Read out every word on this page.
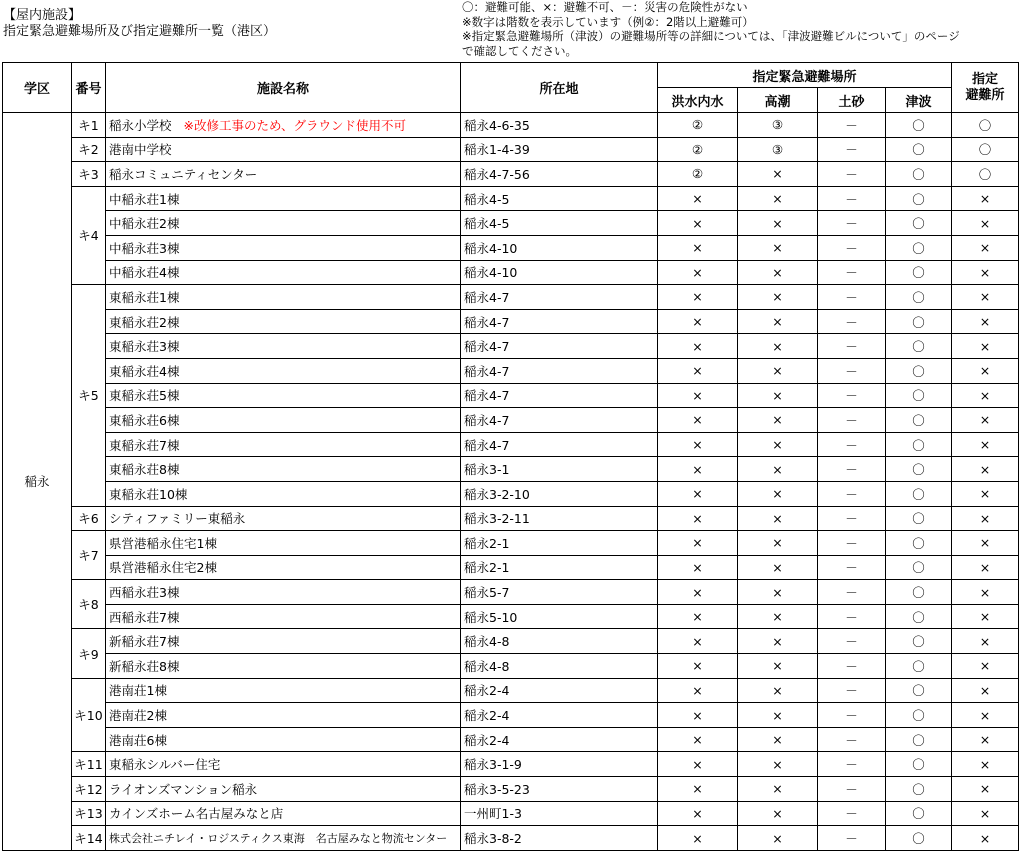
【屋内施設】
指定緊急避難場所及び指定避難所一覧（港区）
〇：避難可能、×：避難不可、－：災害の危険性がない
※数字は階数を表示しています（例②：2階以上避難可）
※指定緊急避難場所（津波）の避難場所等の詳細については、「津波避難ビルについて」のページ
で確認してください。
学区	番号	施設名称	所在地	指定緊急避難場所				指定
避難所
				洪水内水	高潮	土砂	津波	
稲永	キ1	稲永小学校 ※改修工事のため、グラウンド使用不可	稲永4-6-35	②	③	－	〇	〇
	キ2	港南中学校	稲永1-4-39	②	③	－	〇	〇
	キ3	稲永コミュニティセンター	稲永4-7-56	②	×	－	〇	〇
	キ4	中稲永荘1棟	稲永4-5	×	×	－	〇	×
		中稲永荘2棟	稲永4-5	×	×	－	〇	×
		中稲永荘3棟	稲永4-10	×	×	－	〇	×
		中稲永荘4棟	稲永4-10	×	×	－	〇	×
	キ5	東稲永荘1棟	稲永4-7	×	×	－	〇	×
		東稲永荘2棟	稲永4-7	×	×	－	〇	×
		東稲永荘3棟	稲永4-7	×	×	－	〇	×
		東稲永荘4棟	稲永4-7	×	×	－	〇	×
		東稲永荘5棟	稲永4-7	×	×	－	〇	×
		東稲永荘6棟	稲永4-7	×	×	－	〇	×
		東稲永荘7棟	稲永4-7	×	×	－	〇	×
		東稲永荘8棟	稲永3-1	×	×	－	〇	×
		東稲永荘10棟	稲永3-2-10	×	×	－	〇	×
	キ6	シティファミリー東稲永	稲永3-2-11	×	×	－	〇	×
	キ7	県営港稲永住宅1棟	稲永2-1	×	×	－	〇	×
		県営港稲永住宅2棟	稲永2-1	×	×	－	〇	×
	キ8	西稲永荘3棟	稲永5-7	×	×	－	〇	×
		西稲永荘7棟	稲永5-10	×	×	－	〇	×
	キ9	新稲永荘7棟	稲永4-8	×	×	－	〇	×
		新稲永荘8棟	稲永4-8	×	×	－	〇	×
	キ10	港南荘1棟	稲永2-4	×	×	－	〇	×
		港南荘2棟	稲永2-4	×	×	－	〇	×
		港南荘6棟	稲永2-4	×	×	－	〇	×
	キ11	東稲永シルバー住宅	稲永3-1-9	×	×	－	〇	×
	キ12	ライオンズマンション稲永	稲永3-5-23	×	×	－	〇	×
	キ13	カインズホーム名古屋みなと店	一州町1-3	×	×	－	〇	×
	キ14	株式会社ニチレイ・ロジスティクス東海　名古屋みなと物流センター	稲永3-8-2	×	×	－	〇	×
